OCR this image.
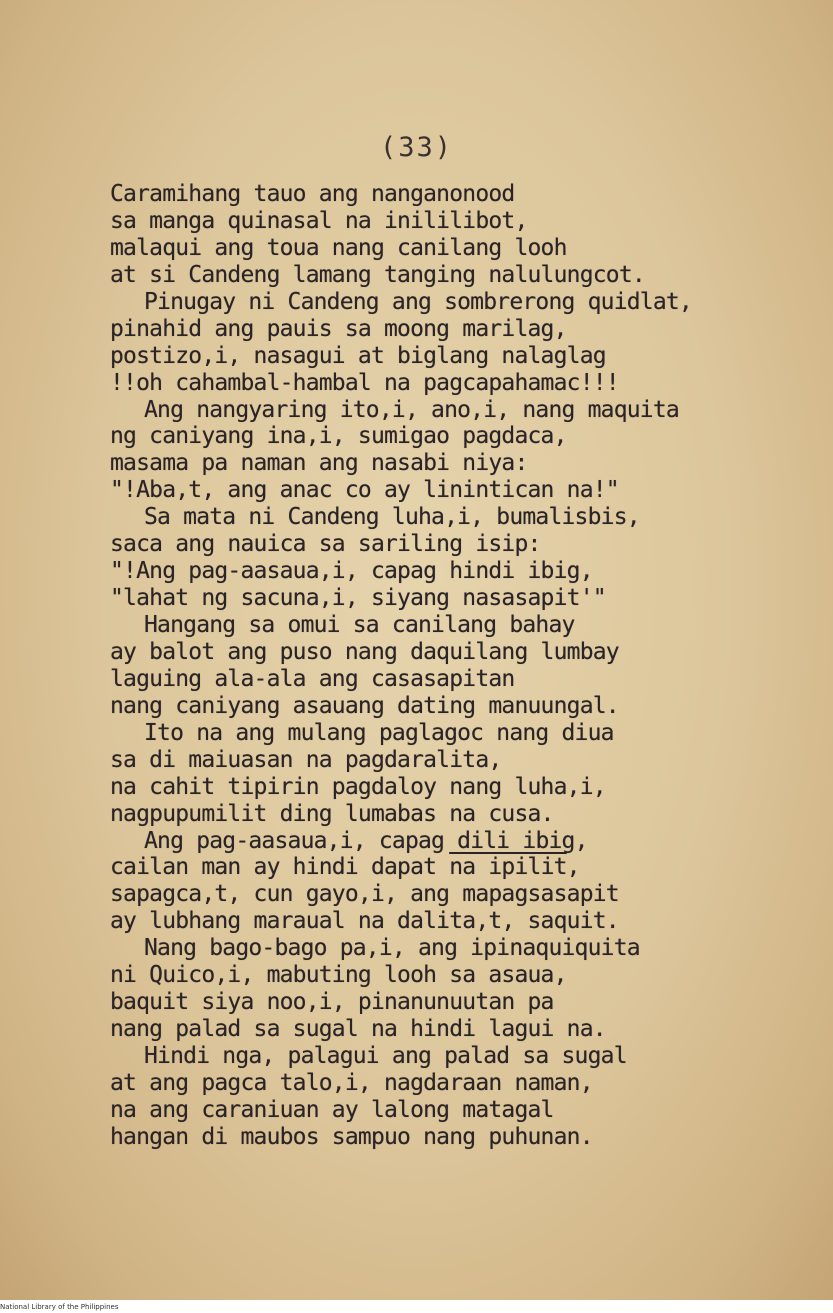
(33)
Caramihang tauo ang nanganonood
sa manga quinasal na inililibot,
malaqui ang toua nang canilang looh
at si Candeng lamang tanging nalulungcot.
Pinugay ni Candeng ang sombrerong quidlat,
pinahid ang pauis sa moong marilag,
postizo,i, nasagui at biglang nalaglag
!!oh cahambal-hambal na pagcapahamac!!!
Ang nangyaring ito,i, ano,i, nang maquita
ng caniyang ina,i, sumigao pagdaca,
masama pa naman ang nasabi niya:
"!Aba,t, ang anac co ay linintican na!"
Sa mata ni Candeng luha,i, bumalisbis,
saca ang nauica sa sariling isip:
"!Ang pag-aasaua,i, capag hindi ibig,
"lahat ng sacuna,i, siyang nasasapit'"
Hangang sa omui sa canilang bahay
ay balot ang puso nang daquilang lumbay
laguing ala-ala ang casasapitan
nang caniyang asauang dating manuungal.
Ito na ang mulang paglagoc nang diua
sa di maiuasan na pagdaralita,
na cahit tipirin pagdaloy nang luha,i,
nagpupumilit ding lumabas na cusa.
Ang pag-aasaua,i, capag dili ibig,
cailan man ay hindi dapat na ipilit,
sapagca,t, cun gayo,i, ang mapagsasapit
ay lubhang maraual na dalita,t, saquit.
Nang bago-bago pa,i, ang ipinaquiquita
ni Quico,i, mabuting looh sa asaua,
baquit siya noo,i, pinanunuutan pa
nang palad sa sugal na hindi lagui na.
Hindi nga, palagui ang palad sa sugal
at ang pagca talo,i, nagdaraan naman,
na ang caraniuan ay lalong matagal
hangan di maubos sampuo nang puhunan.
National Library of the Philippines
